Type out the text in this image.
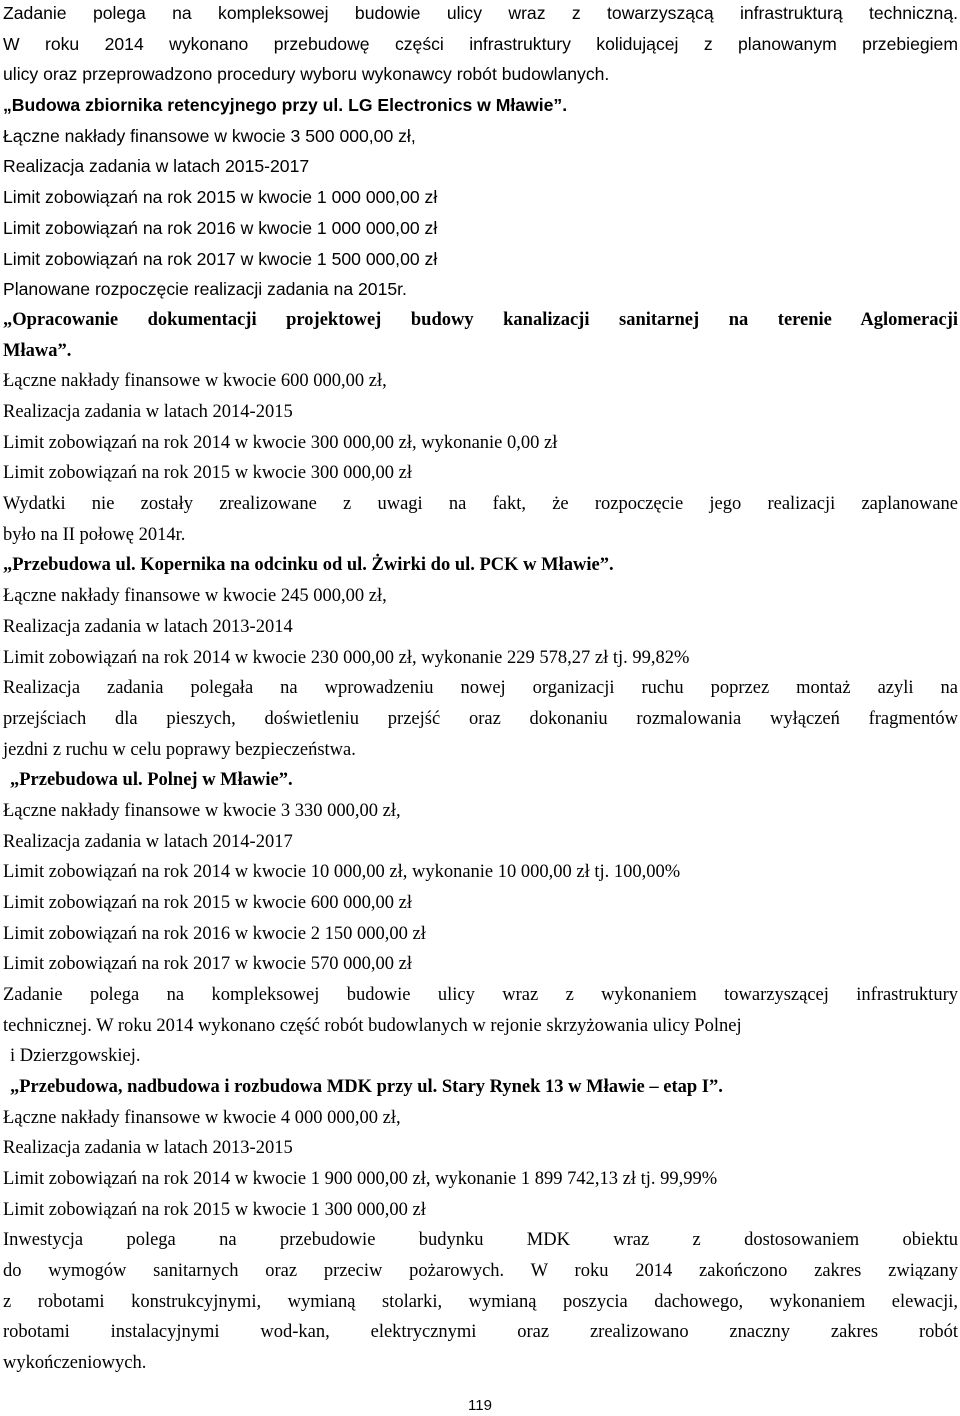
Zadanie polega na kompleksowej budowie ulicy wraz z towarzyszącą infrastrukturą techniczną.
W roku 2014 wykonano przebudowę części infrastruktury kolidującej z planowanym przebiegiem
ulicy oraz przeprowadzono procedury wyboru wykonawcy robót budowlanych.
„Budowa zbiornika retencyjnego przy ul. LG Electronics w Mławie”.
Łączne nakłady finansowe w kwocie 3 500 000,00 zł,
Realizacja zadania w latach 2015-2017
Limit zobowiązań na rok 2015 w kwocie 1 000 000,00 zł
Limit zobowiązań na rok 2016 w kwocie 1 000 000,00 zł
Limit zobowiązań na rok 2017 w kwocie 1 500 000,00 zł
Planowane rozpoczęcie realizacji zadania na 2015r.
„Opracowanie dokumentacji projektowej budowy kanalizacji sanitarnej na terenie Aglomeracji
Mława”.
Łączne nakłady finansowe w kwocie 600 000,00 zł,
Realizacja zadania w latach 2014-2015
Limit zobowiązań na rok 2014 w kwocie 300 000,00 zł, wykonanie 0,00 zł
Limit zobowiązań na rok 2015 w kwocie 300 000,00 zł
Wydatki nie zostały zrealizowane z uwagi na fakt, że rozpoczęcie jego realizacji zaplanowane
było na II połowę 2014r.
„Przebudowa ul. Kopernika na odcinku od ul. Żwirki do ul. PCK w Mławie”.
Łączne nakłady finansowe w kwocie 245 000,00 zł,
Realizacja zadania w latach 2013-2014
Limit zobowiązań na rok 2014 w kwocie 230 000,00 zł, wykonanie 229 578,27 zł tj. 99,82%
Realizacja zadania polegała na wprowadzeniu nowej organizacji ruchu poprzez montaż azyli na
przejściach dla pieszych, doświetleniu przejść oraz dokonaniu rozmalowania wyłączeń fragmentów
jezdni z ruchu w celu poprawy bezpieczeństwa.
„Przebudowa ul. Polnej w Mławie”.
Łączne nakłady finansowe w kwocie 3 330 000,00 zł,
Realizacja zadania w latach 2014-2017
Limit zobowiązań na rok 2014 w kwocie 10 000,00 zł, wykonanie 10 000,00 zł tj. 100,00%
Limit zobowiązań na rok 2015 w kwocie 600 000,00 zł
Limit zobowiązań na rok 2016 w kwocie 2 150 000,00 zł
Limit zobowiązań na rok 2017 w kwocie 570 000,00 zł
Zadanie polega na kompleksowej budowie ulicy wraz z wykonaniem towarzyszącej infrastruktury
technicznej. W roku 2014 wykonano część robót budowlanych w rejonie skrzyżowania ulicy Polnej
i Dzierzgowskiej.
„Przebudowa, nadbudowa i rozbudowa MDK przy ul. Stary Rynek 13 w Mławie – etap I”.
Łączne nakłady finansowe w kwocie 4 000 000,00 zł,
Realizacja zadania w latach 2013-2015
Limit zobowiązań na rok 2014 w kwocie 1 900 000,00 zł, wykonanie 1 899 742,13 zł tj. 99,99%
Limit zobowiązań na rok 2015 w kwocie 1 300 000,00 zł
Inwestycja polega na przebudowie budynku MDK wraz z dostosowaniem obiektu
do wymogów sanitarnych oraz przeciw pożarowych. W roku 2014 zakończono zakres związany
z robotami konstrukcyjnymi, wymianą stolarki, wymianą poszycia dachowego, wykonaniem elewacji,
robotami instalacyjnymi wod-kan, elektrycznymi oraz zrealizowano znaczny zakres robót
wykończeniowych.
119
